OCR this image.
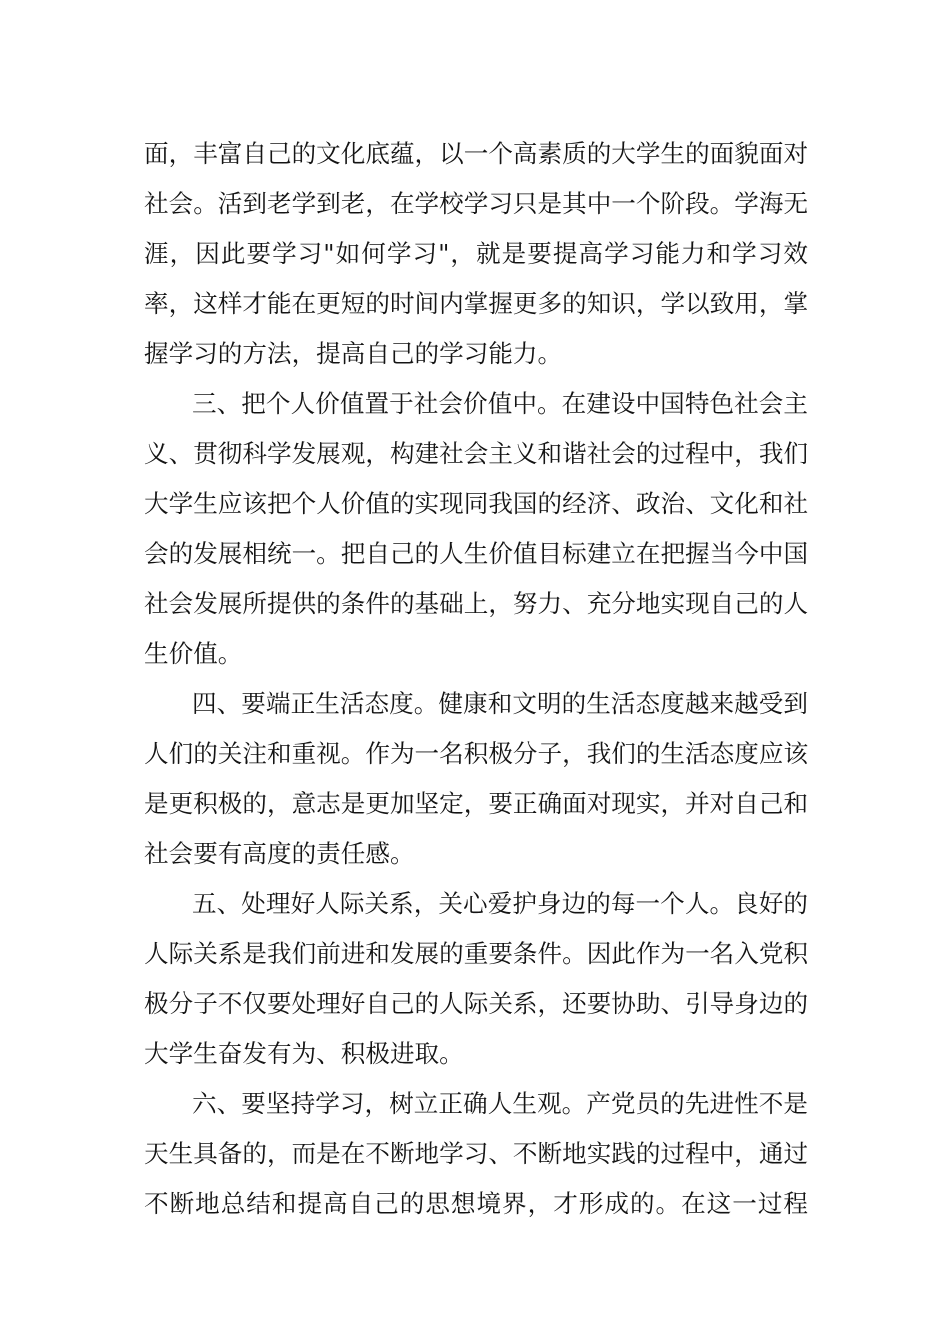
面，丰富自己的文化底蕴，以一个高素质的大学生的面貌面对
社会。活到老学到老，在学校学习只是其中一个阶段。学海无
涯，因此要学习"如何学习"，就是要提高学习能力和学习效
率，这样才能在更短的时间内掌握更多的知识，学以致用，掌
握学习的方法，提高自己的学习能力。
三、把个人价值置于社会价值中。在建设中国特色社会主
义、贯彻科学发展观，构建社会主义和谐社会的过程中，我们
大学生应该把个人价值的实现同我国的经济、政治、文化和社
会的发展相统一。把自己的人生价值目标建立在把握当今中国
社会发展所提供的条件的基础上，努力、充分地实现自己的人
生价值。
四、要端正生活态度。健康和文明的生活态度越来越受到
人们的关注和重视。作为一名积极分子，我们的生活态度应该
是更积极的，意志是更加坚定，要正确面对现实，并对自己和
社会要有高度的责任感。
五、处理好人际关系，关心爱护身边的每一个人。良好的
人际关系是我们前进和发展的重要条件。因此作为一名入党积
极分子不仅要处理好自己的人际关系，还要协助、引导身边的
大学生奋发有为、积极进取。
六、要坚持学习，树立正确人生观。产党员的先进性不是
天生具备的，而是在不断地学习、不断地实践的过程中，通过
不断地总结和提高自己的思想境界，才形成的。在这一过程
